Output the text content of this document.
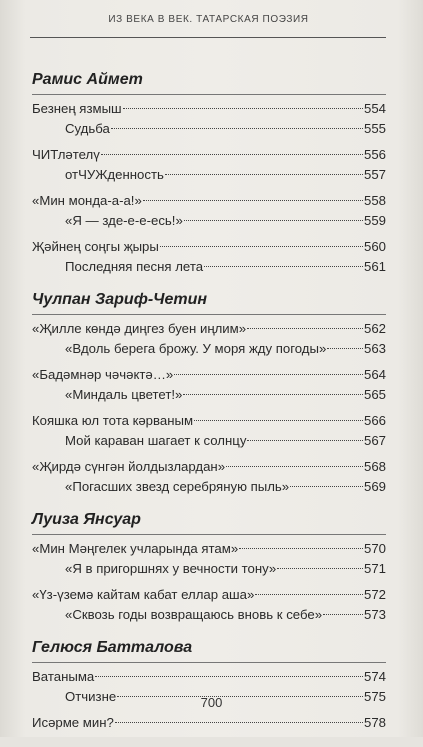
ИЗ ВЕКА В ВЕК. ТАТАРСКАЯ ПОЭЗИЯ
Рамис Аймет
Безнең язмыш	554
Судьба	555
ЧИТләтелү	556
отЧУЖденность	557
«Мин монда-а-а!»	558
«Я — зде-е-е-есь!»	559
Җәйнең соңгы җыры	560
Последняя песня лета	561
Чулпан Зариф-Четин
«Җилле көндә диңгез буен иңлим»	562
«Вдоль берега брожу. У моря жду погоды»	563
«Бадәмнәр чәчәктә…»	564
«Миндаль цветет!»	565
Кояшка юл тота кәрваным	566
Мой караван шагает к солнцу	567
«Җирдә сүнгән йолдызлардан»	568
«Погасших звезд серебряную пыль»	569
Луиза Янсуар
«Мин Мәңгелек учларында ятам»	570
«Я в пригоршнях у вечности тону»	571
«Үз-үземә кайтам кабат еллар аша»	572
«Сквозь годы возвращаюсь вновь к себе»	573
Гелюся Батталова
Ватаныма	574
Отчизне	575
Исәрме мин?	578
700
